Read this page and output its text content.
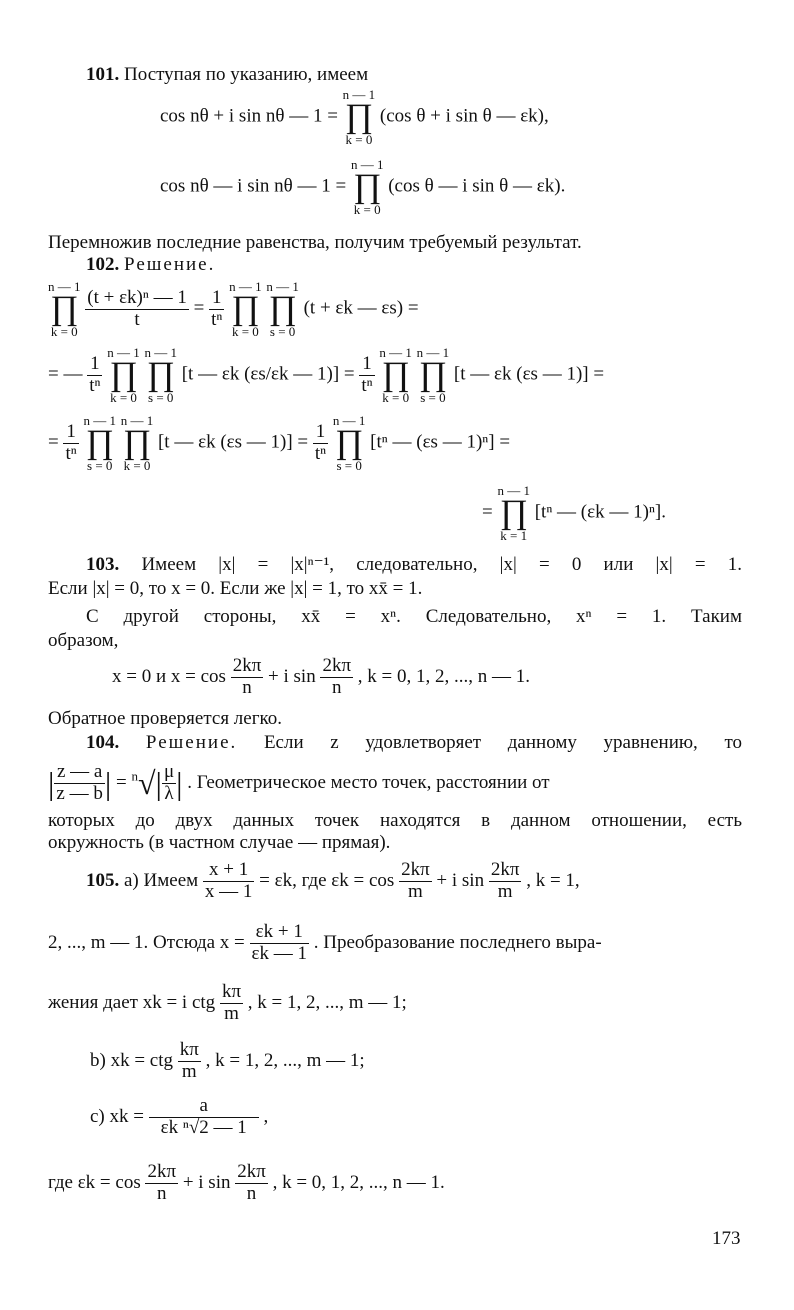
101. Поступая по указанию, имеем
cos nθ + i sin nθ — 1 =
n — 1
∏
k = 0
(cos θ + i sin θ — εk),
cos nθ — i sin nθ — 1 =
n — 1
∏
k = 0
(cos θ — i sin θ — εk).
Перемножив последние равенства, получим требуемый результат.
102. Решение.
n — 1
∏
k = 0

$\frac{\text{(t + εk)ⁿ — 1}}{t} = \frac{1}{\text{tⁿ}}$

n — 1
∏
k = 0

n — 1
∏
s = 0
(t + εk — εs) =
= — $\frac{1}{\text{tⁿ}}$

n — 1
∏
k = 0

n — 1
∏
s = 0
[t — εk (εs/εk — $1)] = \frac{1}{\text{tⁿ}}$

n — 1
∏
k = 0

n — 1
∏
s = 0
[t — εk (εs — 1)] =
= $\frac{1}{\text{tⁿ}}$

n — 1
∏
s = 0

n — 1
∏
k = 0
[t — εk (εs — $1)] = \frac{1}{\text{tⁿ}}$

n — 1
∏
s = 0
[tⁿ — (εs — 1)ⁿ] =
=
n — 1
∏
k = 1
[tⁿ — (εk — 1)ⁿ].
103. Имеем |x| = |x|ⁿ⁻¹, следовательно, |x| = 0 или |x| = 1.
Если |x| = 0, то x = 0. Если же |x| = 1, то xx̄ = 1.
С другой стороны, xx̄ = xⁿ. Следовательно, xⁿ = 1. Таким
образом,
x = 0 и $x = \cos \frac{2k\pi}{n} + i$ $\sin \frac{2k\pi}{n}$ , k = 0, 1, 2, ..., n — 1.
Обратное проверяется легко.
104. Решение. Если z удовлетворяет данному уравнению, то
| $\frac{z — a}{z — b}$ | = $^n√| \frac{\mu}{\lambda}$ | . Геометрическое место точек, расстоянии от
которых до двух данных точек находятся в данном отношении, есть
окружность (в частном случае — прямая).
105. а) Имеем $\frac{x + 1}{x — 1} = \varepsilon k$, где $\varepsilon k = \cos \frac{2k\pi}{m} + i$ $\sin \frac{2k\pi}{m}$ , k = 1,
2, ..., m — 1. Отсюда $x = \frac{\varepsilon k + 1}{\varepsilon k — 1}$ . Преобразование последнего выра-
жения дает xk = i ctg $\frac{k\pi}{m}$ , k = 1, 2, ..., m — 1;
b) xk = ctg $\frac{k\pi}{m}$ , k = 1, 2, ..., m — 1;
c) xk = $\frac{a}{\text{εk ⁿ√2 — 1}}$ ,
где $\varepsilon k = \cos \frac{2k\pi}{n} + i$ $\sin \frac{2k\pi}{n}$ , k = 0, 1, 2, ..., n — 1.
173
